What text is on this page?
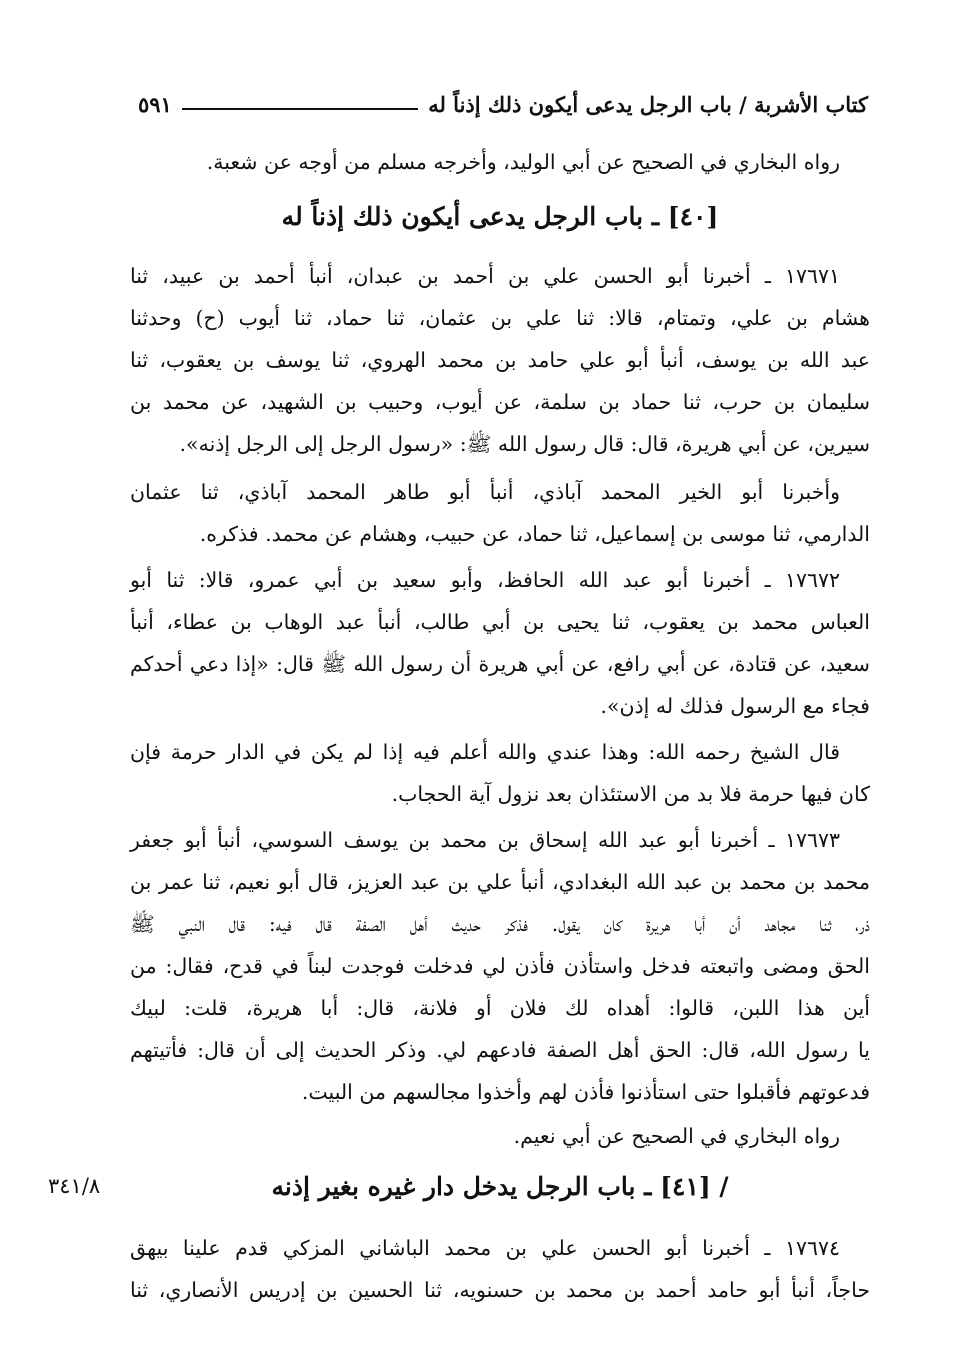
كتاب الأشربة / باب الرجل يدعى أيكون ذلك إذناً له
٥٩١
رواه البخاري في الصحيح عن أبي الوليد، وأخرجه مسلم من أوجه عن شعبة.
[٤٠] ـ باب الرجل يدعى أيكون ذلك إذناً له
١٧٦٧١ ـ أخبرنا أبو الحسن علي بن أحمد بن عبدان، أنبأ أحمد بن عبيد، ثنا
هشام بن علي، وتمتام، قالا: ثنا علي بن عثمان، ثنا حماد، ثنا أيوب (ح) وحدثنا
عبد الله بن يوسف، أنبأ أبو علي حامد بن محمد الهروي، ثنا يوسف بن يعقوب، ثنا
سليمان بن حرب، ثنا حماد بن سلمة، عن أيوب، وحبيب بن الشهيد، عن محمد بن
سيرين، عن أبي هريرة، قال: قال رسول الله ﷺ: «رسول الرجل إلى الرجل إذنه».
وأخبرنا أبو الخير المحمد آباذي، أنبأ أبو طاهر المحمد آباذي، ثنا عثمان
الدارمي، ثنا موسى بن إسماعيل، ثنا حماد، عن حبيب، وهشام عن محمد. فذكره.
١٧٦٧٢ ـ أخبرنا أبو عبد الله الحافظ، وأبو سعيد بن أبي عمرو، قالا: ثنا أبو
العباس محمد بن يعقوب، ثنا يحيى بن أبي طالب، أنبأ عبد الوهاب بن عطاء، أنبأ
سعيد، عن قتادة، عن أبي رافع، عن أبي هريرة أن رسول الله ﷺ قال: «إذا دعي أحدكم
فجاء مع الرسول فذلك له إذن».
قال الشيخ رحمه الله: وهذا عندي والله أعلم فيه إذا لم يكن في الدار حرمة فإن
كان فيها حرمة فلا بد من الاستئذان بعد نزول آية الحجاب.
١٧٦٧٣ ـ أخبرنا أبو عبد الله إسحاق بن محمد بن يوسف السوسي، أنبأ أبو جعفر
محمد بن محمد بن عبد الله البغدادي، أنبأ علي بن عبد العزيز، قال أبو نعيم، ثنا عمر بن
ذر، ثنا مجاهد أن أبا هريرة كان يقول. فذكر حديث أهل الصفة قال فيه: قال النبي ﷺ
الحق ومضى واتبعته فدخل واستأذن فأذن لي فدخلت فوجدت لبناً في قدح، فقال: من
أين هذا اللبن، قالوا: أهداه لك فلان أو فلانة، قال: أبا هريرة، قلت: لبيك
يا رسول الله، قال: الحق أهل الصفة فادعهم لي. وذكر الحديث إلى أن قال: فأتيتهم
فدعوتهم فأقبلوا حتى استأذنوا فأذن لهم وأخذوا مجالسهم من البيت.
رواه البخاري في الصحيح عن أبي نعيم.
/ [٤١] ـ باب الرجل يدخل دار غيره بغير إذنه
٣٤١/٨
١٧٦٧٤ ـ أخبرنا أبو الحسن علي بن محمد الباشاني المزكي قدم علينا بيهق
حاجاً، أنبأ أبو حامد أحمد بن محمد بن حسنويه، ثنا الحسين بن إدريس الأنصاري، ثنا
